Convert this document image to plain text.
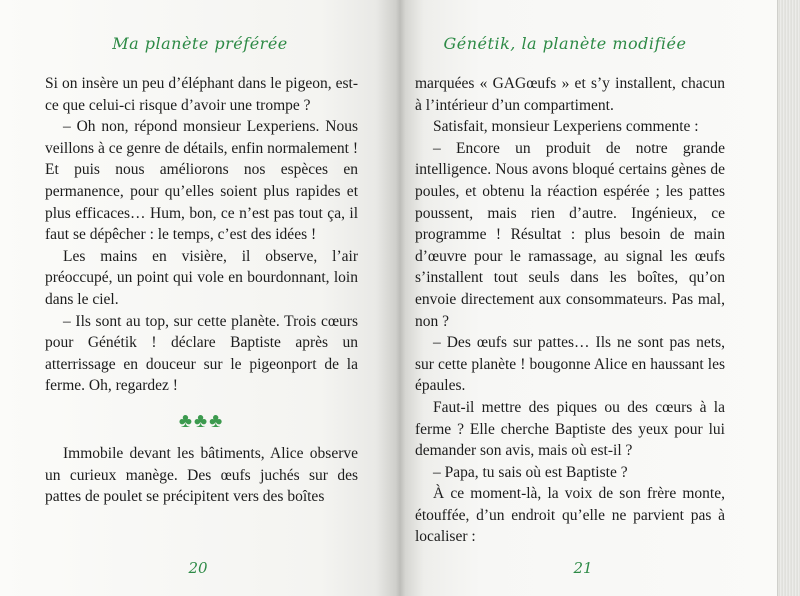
Ma planète préférée

Si on insère un peu d’éléphant dans le pigeon, est-ce que celui-ci risque d’avoir une trompe ?

– Oh non, répond monsieur Lexperiens. Nous veillons à ce genre de détails, enfin normalement ! Et puis nous améliorons nos espèces en permanence, pour qu’elles soient plus rapides et plus efficaces… Hum, bon, ce n’est pas tout ça, il faut se dépêcher : le temps, c’est des idées !

Les mains en visière, il observe, l’air préoccupé, un point qui vole en bourdonnant, loin dans le ciel.

– Ils sont au top, sur cette planète. Trois cœurs pour Génétik ! déclare Baptiste après un atterrissage en douceur sur le pigeonport de la ferme. Oh, regardez !

♣♣♣

Immobile devant les bâtiments, Alice observe un curieux manège. Des œufs juchés sur des pattes de poulet se précipitent vers des boîtes

20
Génétik, la planète modifiée

marquées « GAGœufs » et s’y installent, chacun à l’intérieur d’un compartiment.

Satisfait, monsieur Lexperiens commente :

– Encore un produit de notre grande intelligence. Nous avons bloqué certains gènes de poules, et obtenu la réaction espérée ; les pattes poussent, mais rien d’autre. Ingénieux, ce programme ! Résultat : plus besoin de main d’œuvre pour le ramassage, au signal les œufs s’installent tout seuls dans les boîtes, qu’on envoie directement aux consommateurs. Pas mal, non ?

– Des œufs sur pattes… Ils ne sont pas nets, sur cette planète ! bougonne Alice en haussant les épaules.

Faut-il mettre des piques ou des cœurs à la ferme ? Elle cherche Baptiste des yeux pour lui demander son avis, mais où est-il ?

– Papa, tu sais où est Baptiste ?

À ce moment-là, la voix de son frère monte, étouffée, d’un endroit qu’elle ne parvient pas à localiser :

21
